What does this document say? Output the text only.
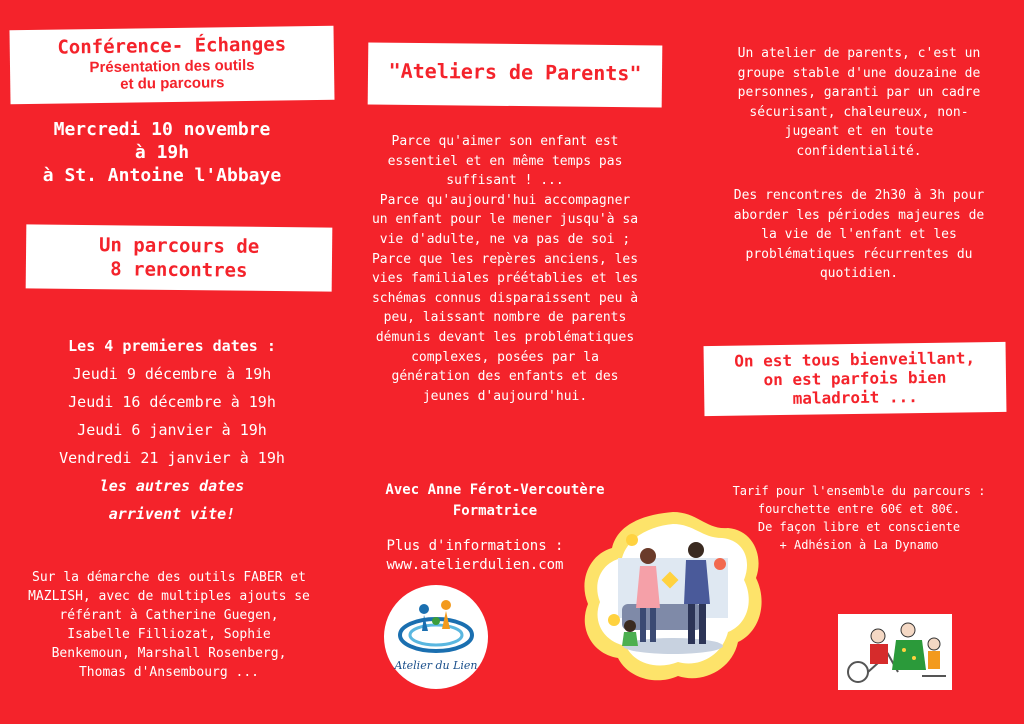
Conférence- Échanges
Présentation des outils
et du parcours
Mercredi 10 novembre
à 19h
à St. Antoine l'Abbaye
Un parcours de
8 rencontres
Les 4 premieres dates :
Jeudi 9 décembre à 19h
Jeudi 16 décembre à 19h
Jeudi 6 janvier à 19h
Vendredi 21 janvier à 19h
les autres dates
arrivent vite!
Sur la démarche des outils FABER et
MAZLISH, avec de multiples ajouts se
référant à Catherine Guegen,
Isabelle Filliozat, Sophie
Benkemoun, Marshall Rosenberg,
Thomas d'Ansembourg ...
"Ateliers de Parents"
Parce qu'aimer son enfant est
essentiel et en même temps pas
suffisant ! ...
Parce qu'aujourd'hui accompagner
un enfant pour le mener jusqu'à sa
vie d'adulte, ne va pas de soi ;
Parce que les repères anciens, les
vies familiales préétablies et les
schémas connus disparaissent peu à
peu, laissant nombre de parents
démunis devant les problématiques
complexes, posées par la
génération des enfants et des
jeunes d'aujourd'hui.
Avec Anne Férot-Vercoutère
Formatrice
Plus d'informations :
www.atelierdulien.com
Atelier du Lien
Un atelier de parents, c'est un
groupe stable d'une douzaine de
personnes, garanti par un cadre
sécurisant, chaleureux, non-
jugeant et en toute
confidentialité.
Des rencontres de 2h30 à 3h pour
aborder les périodes majeures de
la vie de l'enfant et les
problématiques récurrentes du
quotidien.
On est tous bienveillant,
on est parfois bien
maladroit ...
Tarif pour l'ensemble du parcours :
fourchette entre 60€ et 80€.
De façon libre et consciente
+ Adhésion à La Dynamo
